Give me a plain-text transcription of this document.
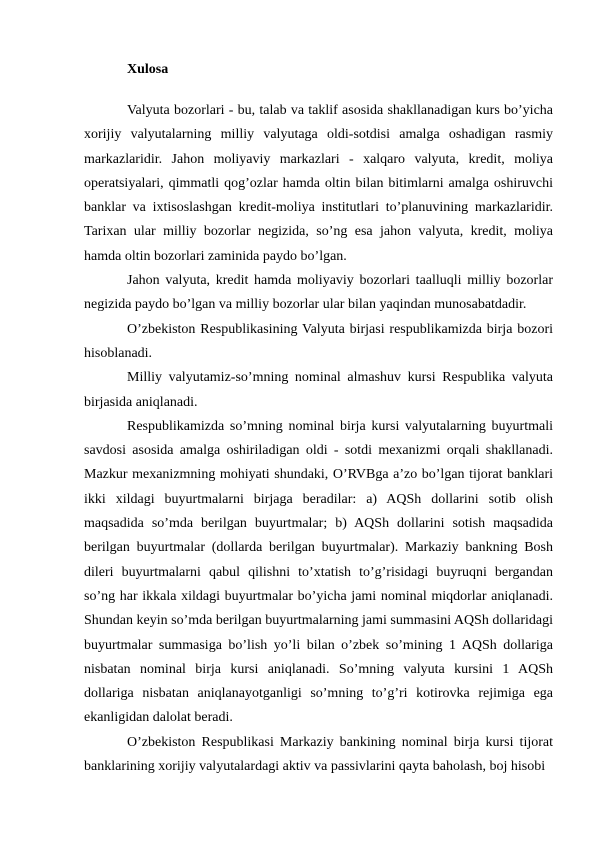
Xulosa

Valyuta bozorlari - bu, talab va taklif asosida shakllanadigan kurs bo’yicha xorijiy valyutalarning milliy valyutaga oldi-sotdisi amalga oshadigan rasmiy markazlaridir. Jahon moliyaviy markazlari - xalqaro valyuta, kredit, moliya operatsiyalari, qimmatli qog’ozlar hamda oltin bilan bitimlarni amalga oshiruvchi banklar va ixtisoslashgan kredit-moliya institutlari to’planuvining markazlaridir. Tarixan ular milliy bozorlar negizida, so’ng esa jahon valyuta, kredit, moliya hamda oltin bozorlari zaminida paydo bo’lgan.

Jahon valyuta, kredit hamda moliyaviy bozorlari taalluqli milliy bozorlar negizida paydo bo’lgan va milliy bozorlar ular bilan yaqindan munosabatdadir.

O’zbekiston Respublikasining Valyuta birjasi respublikamizda birja bozori hisoblanadi.

Milliy valyutamiz-so’mning nominal almashuv kursi Respublika valyuta birjasida aniqlanadi.

Respublikamizda so’mning nominal birja kursi valyutalarning buyurtmali savdosi asosida amalga oshiriladigan oldi - sotdi mexanizmi orqali shakllanadi. Mazkur mexanizmning mohiyati shundaki, O’RVBga a’zo bo’lgan tijorat banklari ikki xildagi buyurtmalarni birjaga beradilar: a) AQSh dollarini sotib olish maqsadida so’mda berilgan buyurtmalar; b) AQSh dollarini sotish maqsadida berilgan buyurtmalar (dollarda berilgan buyurtmalar). Markaziy bankning Bosh dileri buyurtmalarni qabul qilishni to’xtatish to’g’risidagi buyruqni bergandan so’ng har ikkala xildagi buyurtmalar bo’yicha jami nominal miqdorlar aniqlanadi. Shundan keyin so’mda berilgan buyurtmalarning jami summasini AQSh dollaridagi buyurtmalar summasiga bo’lish yo’li bilan o’zbek so’mining 1 AQSh dollariga nisbatan nominal birja kursi aniqlanadi. So’mning valyuta kursini 1 AQSh dollariga nisbatan aniqlanayotganligi so’mning to’g’ri kotirovka rejimiga ega ekanligidan dalolat beradi.

O’zbekiston Respublikasi Markaziy bankining nominal birja kursi tijorat banklarining xorijiy valyutalardagi aktiv va passivlarini qayta baholash, boj hisobi
